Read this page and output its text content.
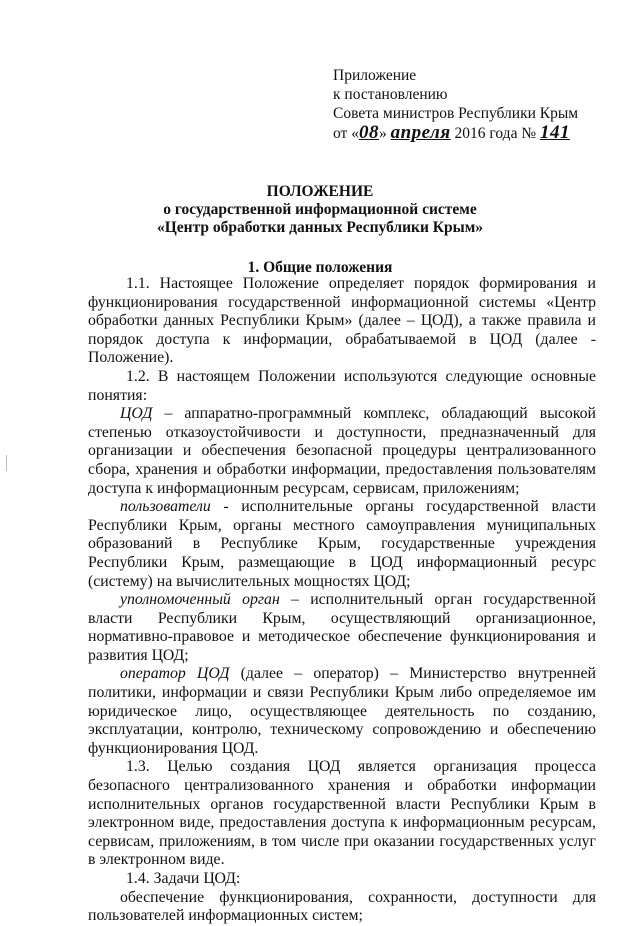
Приложение
к постановлению
Совета министров Республики Крым
от «08» апреля 2016 года № 141
ПОЛОЖЕНИЕ
о государственной информационной системе
«Центр обработки данных Республики Крым»
1. Общие положения

1.1. Настоящее Положение определяет порядок формирования и функционирования государственной информационной системы «Центр обработки данных Республики Крым» (далее – ЦОД), а также правила и порядок доступа к информации, обрабатываемой в ЦОД (далее - Положение).

1.2. В настоящем Положении используются следующие основные понятия:

ЦОД – аппаратно-программный комплекс, обладающий высокой степенью отказоустойчивости и доступности, предназначенный для организации и обеспечения безопасной процедуры централизованного сбора, хранения и обработки информации, предоставления пользователям доступа к информационным ресурсам, сервисам, приложениям;

пользователи - исполнительные органы государственной власти Республики Крым, органы местного самоуправления муниципальных образований в Республике Крым, государственные учреждения Республики Крым, размещающие в ЦОД информационный ресурс (систему) на вычислительных мощностях ЦОД;

уполномоченный орган – исполнительный орган государственной власти Республики Крым, осуществляющий организационное, нормативно-правовое и методическое обеспечение функционирования и развития ЦОД;

оператор ЦОД (далее – оператор) – Министерство внутренней политики, информации и связи Республики Крым либо определяемое им юридическое лицо, осуществляющее деятельность по созданию, эксплуатации, контролю, техническому сопровождению и обеспечению функционирования ЦОД.

1.3. Целью создания ЦОД является организация процесса безопасного централизованного хранения и обработки информации исполнительных органов государственной власти Республики Крым в электронном виде, предоставления доступа к информационным ресурсам, сервисам, приложениям, в том числе при оказании государственных услуг в электронном виде.

1.4. Задачи ЦОД:

обеспечение функционирования, сохранности, доступности для пользователей информационных систем;
